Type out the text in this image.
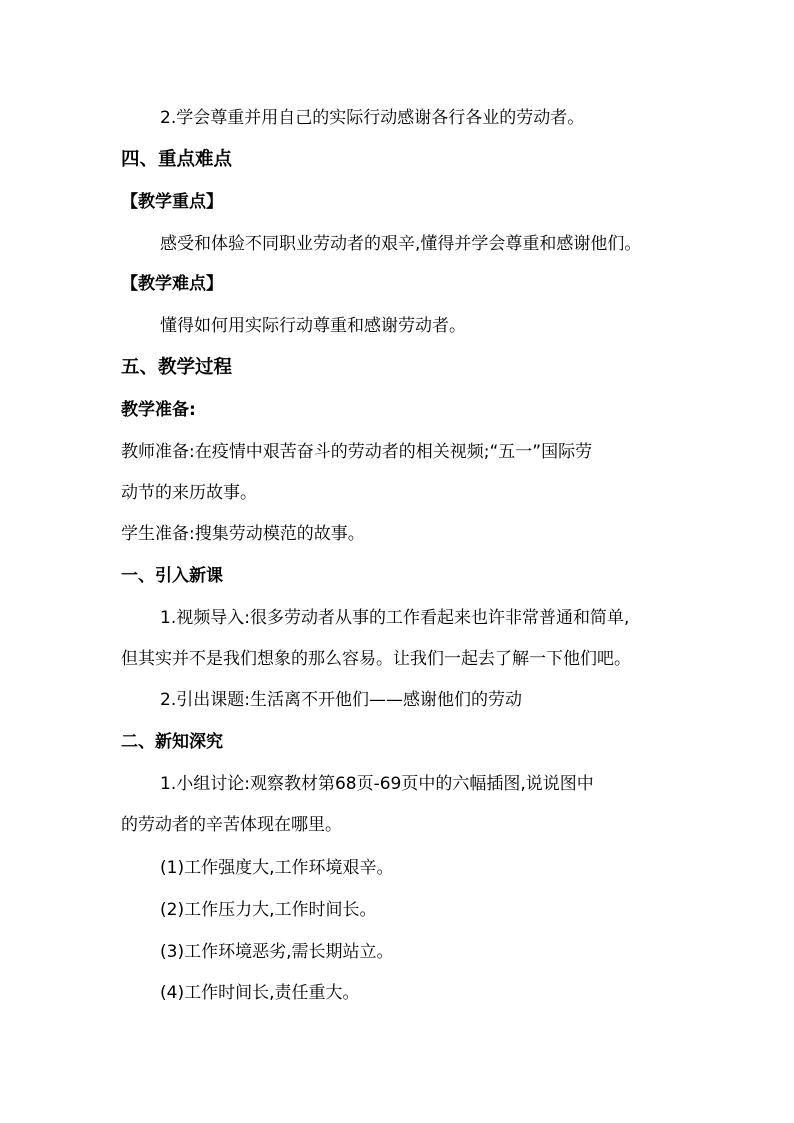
2.学会尊重并用自己的实际行动感谢各行各业的劳动者。
四、重点难点
【教学重点】
感受和体验不同职业劳动者的艰辛,懂得并学会尊重和感谢他们。
【教学难点】
懂得如何用实际行动尊重和感谢劳动者。
五、教学过程
教学准备:
教师准备:在疫情中艰苦奋斗的劳动者的相关视频;“五一”国际劳
动节的来历故事。
学生准备:搜集劳动模范的故事。
一、引入新课
1.视频导入:很多劳动者从事的工作看起来也许非常普通和简单,
但其实并不是我们想象的那么容易。让我们一起去了解一下他们吧。
2.引出课题:生活离不开他们——感谢他们的劳动
二、新知深究
1.小组讨论:观察教材第68页-69页中的六幅插图,说说图中
的劳动者的辛苦体现在哪里。
(1)工作强度大,工作环境艰辛。
(2)工作压力大,工作时间长。
(3)工作环境恶劣,需长期站立。
(4)工作时间长,责任重大。
